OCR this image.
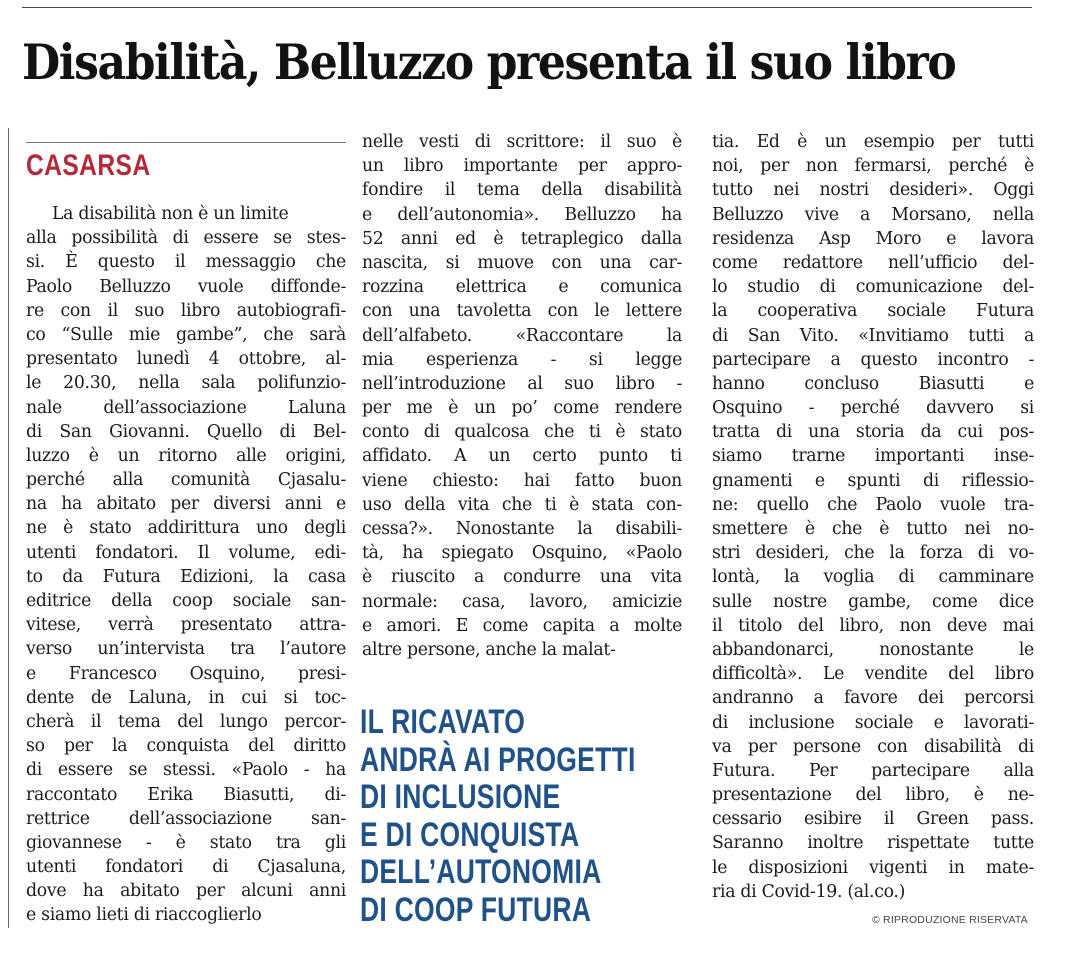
Disabilità, Belluzzo presenta il suo libro
CASARSA
La disabilità non è un limite
alla possibilità di essere se stes-
si. È questo il messaggio che
Paolo Belluzzo vuole diffonde-
re con il suo libro autobiografi-
co “Sulle mie gambe”, che sarà
presentato lunedì 4 ottobre, al-
le 20.30, nella sala polifunzio-
nale dell’associazione Laluna
di San Giovanni. Quello di Bel-
luzzo è un ritorno alle origini,
perché alla comunità Cjasalu-
na ha abitato per diversi anni e
ne è stato addirittura uno degli
utenti fondatori. Il volume, edi-
to da Futura Edizioni, la casa
editrice della coop sociale san-
vitese, verrà presentato attra-
verso un’intervista tra l’autore
e Francesco Osquino, presi-
dente de Laluna, in cui si toc-
cherà il tema del lungo percor-
so per la conquista del diritto
di essere se stessi. «Paolo - ha
raccontato Erika Biasutti, di-
rettrice dell’associazione san-
giovannese - è stato tra gli
utenti fondatori di Cjasaluna,
dove ha abitato per alcuni anni
e siamo lieti di riaccoglierlo
nelle vesti di scrittore: il suo è
un libro importante per appro-
fondire il tema della disabilità
e dell’autonomia». Belluzzo ha
52 anni ed è tetraplegico dalla
nascita, si muove con una car-
rozzina elettrica e comunica
con una tavoletta con le lettere
dell’alfabeto. «Raccontare la
mia esperienza - si legge
nell’introduzione al suo libro -
per me è un po’ come rendere
conto di qualcosa che ti è stato
affidato. A un certo punto ti
viene chiesto: hai fatto buon
uso della vita che ti è stata con-
cessa?». Nonostante la disabili-
tà, ha spiegato Osquino, «Paolo
è riuscito a condurre una vita
normale: casa, lavoro, amicizie
e amori. E come capita a molte
altre persone, anche la malat-
tia. Ed è un esempio per tutti
noi, per non fermarsi, perché è
tutto nei nostri desideri». Oggi
Belluzzo vive a Morsano, nella
residenza Asp Moro e lavora
come redattore nell’ufficio del-
lo studio di comunicazione del-
la cooperativa sociale Futura
di San Vito. «Invitiamo tutti a
partecipare a questo incontro -
hanno concluso Biasutti e
Osquino - perché davvero si
tratta di una storia da cui pos-
siamo trarne importanti inse-
gnamenti e spunti di riflessio-
ne: quello che Paolo vuole tra-
smettere è che è tutto nei no-
stri desideri, che la forza di vo-
lontà, la voglia di camminare
sulle nostre gambe, come dice
il titolo del libro, non deve mai
abbandonarci, nonostante le
difficoltà». Le vendite del libro
andranno a favore dei percorsi
di inclusione sociale e lavorati-
va per persone con disabilità di
Futura. Per partecipare alla
presentazione del libro, è ne-
cessario esibire il Green pass.
Saranno inoltre rispettate tutte
le disposizioni vigenti in mate-
ria di Covid-19. (al.co.)
IL RICAVATO
ANDRÀ AI PROGETTI
DI INCLUSIONE
E DI CONQUISTA
DELL’AUTONOMIA
DI COOP FUTURA	© RIPRODUZIONE RISERVATA
